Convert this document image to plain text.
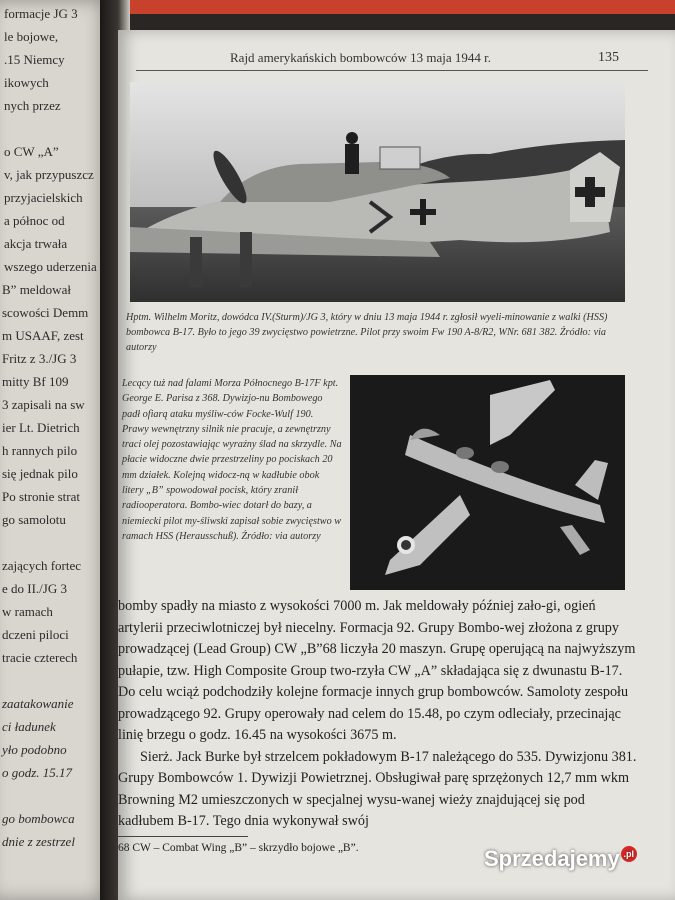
formacje JG 3
le bojowe,
.15 Niemcy
ikowych
nych przez
o CW „A”
v, jak przypuszcz
przyjacielskich
a północ od
akcja trwała
wszego uderzenia
B” meldował
scowości Demm
m USAAF, zest
Fritz z 3./JG 3
mitty Bf 109
3 zapisali na sw
ier Lt. Dietrich
h rannych pilo
się jednak pilo
Po stronie strat
go samolotu
zających fortec
e do II./JG 3
w ramach
dczeni piloci
tracie czterech
zaatakowanie
ci ładunek
yło podobno
o godz. 15.17
go bombowca
dnie z zestrzel
Rajd amerykańskich bombowców 13 maja 1944 r.	135
Hptm. Wilhelm Moritz, dowódca IV.(Sturm)/JG 3, który w dniu 13 maja 1944 r. zgłosił wyeli-minowanie z walki (HSS) bombowca B-17. Było to jego 39 zwycięstwo powietrzne. Pilot przy swoim Fw 190 A-8/R2, WNr. 681 382. Źródło: via autorzy
Lecący tuż nad falami Morza Północnego B-17F kpt. George E. Parisa z 368. Dywizjo-nu Bombowego padł ofiarą ataku myśliw-ców Focke-Wulf 190. Prawy wewnętrzny silnik nie pracuje, a zewnętrzny traci olej pozostawiając wyraźny ślad na skrzydle. Na płacie widoczne dwie przestrzeliny po pociskach 20 mm działek. Kolejną widocz-ną w kadłubie obok litery „B” spowodował pocisk, który zranił radiooperatora. Bombo-wiec dotarł do bazy, a niemiecki pilot my-śliwski zapisał sobie zwycięstwo w ramach HSS (Herausschuß). Źródło: via autorzy

bomby spadły na miasto z wysokości 7000 m. Jak meldowały później zało-gi, ogień artylerii przeciwlotniczej był niecelny. Formacja 92. Grupy Bombo-wej złożona z grupy prowadzącej (Lead Group) CW „B”68 liczyła 20 maszyn. Grupę operującą na najwyższym pułapie, tzw. High Composite Group two-rzyła CW „A” składająca się z dwunastu B-17. Do celu wciąż podchodziły kolejne formacje innych grup bombowców. Samoloty zespołu prowadzącego 92. Grupy operowały nad celem do 15.48, po czym odleciały, przecinając linię brzegu o godz. 16.45 na wysokości 3675 m.

Sierż. Jack Burke był strzelcem pokładowym B-17 należącego do 535. Dywizjonu 381. Grupy Bombowców 1. Dywizji Powietrznej. Obsługiwał parę sprzężonych 12,7 mm wkm Browning M2 umieszczonych w specjalnej wysu-wanej wieży znajdującej się pod kadłubem B-17. Tego dnia wykonywał swój

68 CW – Combat Wing „B” – skrzydło bojowe „B”.	Sprzedajemy .pl
